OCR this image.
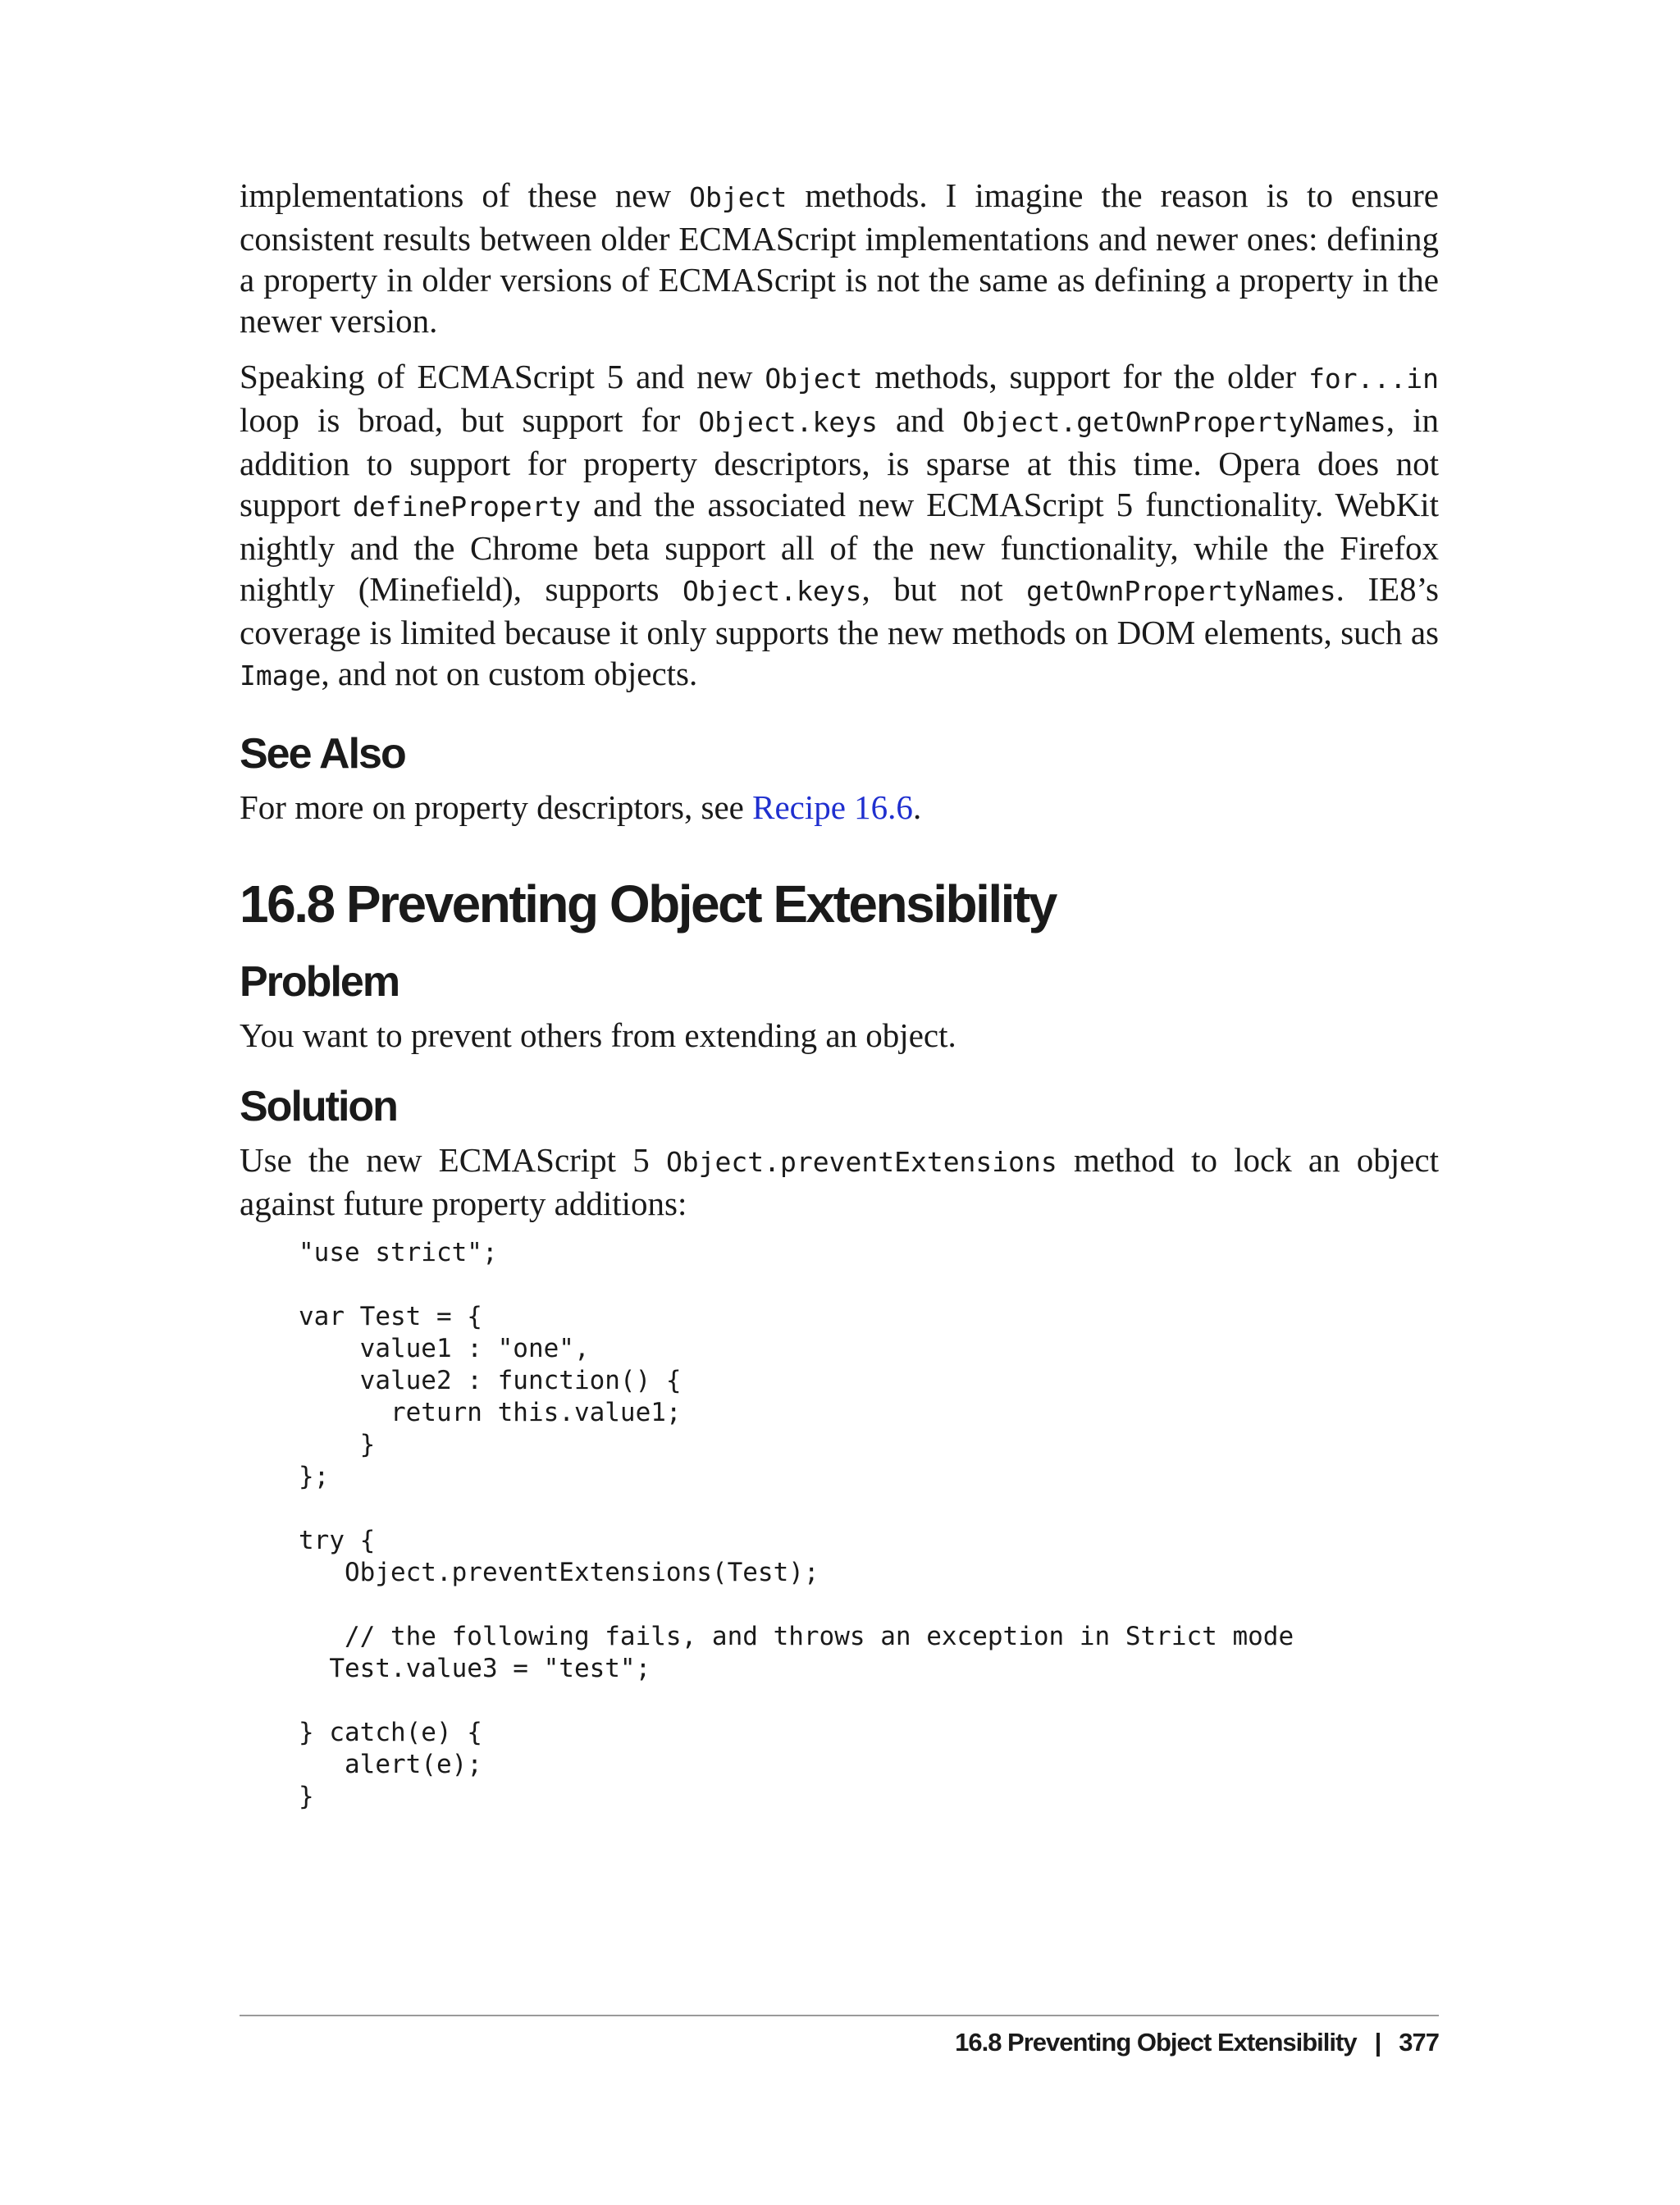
implementations of these new Object methods. I imagine the reason is to ensure consistent results between older ECMAScript implementations and newer ones: defining a property in older versions of ECMAScript is not the same as defining a property in the newer version.

Speaking of ECMAScript 5 and new Object methods, support for the older for...in loop is broad, but support for Object.keys and Object.getOwnPropertyNames, in addition to support for property descriptors, is sparse at this time. Opera does not support defineProperty and the associated new ECMAScript 5 functionality. WebKit nightly and the Chrome beta support all of the new functionality, while the Firefox nightly (Minefield), supports Object.keys, but not getOwnPropertyNames. IE8’s coverage is limited because it only supports the new methods on DOM elements, such as Image, and not on custom objects.

See Also

For more on property descriptors, see Recipe 16.6.

16.8 Preventing Object Extensibility
Problem

You want to prevent others from extending an object.

Solution

Use the new ECMAScript 5 Object.preventExtensions method to lock an object against future property additions:

"use strict";

var Test = {
value1 : "one",
value2 : function() {
return this.value1;
}
};

try {
Object.preventExtensions(Test);

// the following fails, and throws an exception in Strict mode
Test.value3 = "test";

} catch(e) {
alert(e);
}
16.8 Preventing Object Extensibility | 377
